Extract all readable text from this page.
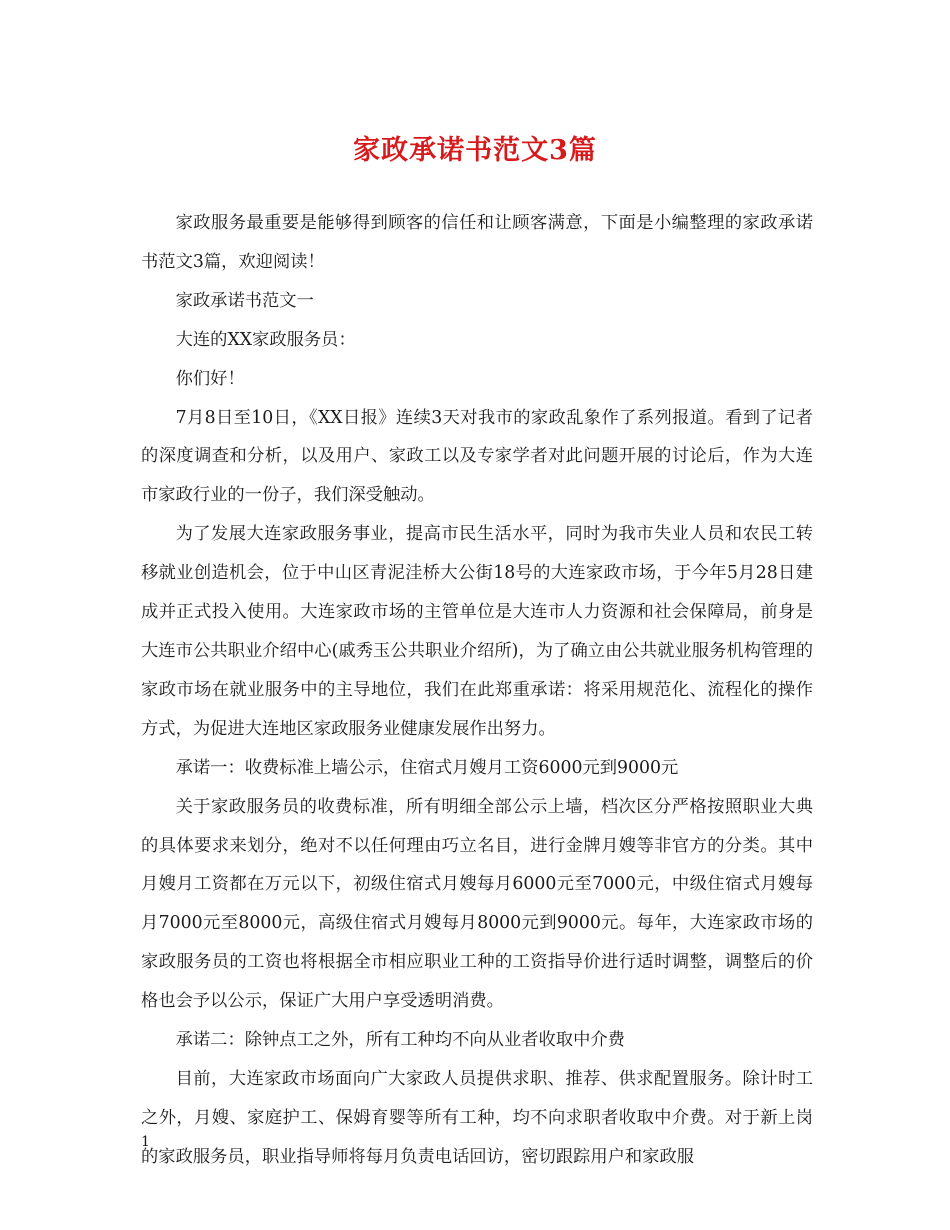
家政承诺书范文3篇

家政服务最重要是能够得到顾客的信任和让顾客满意，下面是小编整理的家政承诺书范文3篇，欢迎阅读！

家政承诺书范文一

大连的XX家政服务员：

你们好！

7月8日至10日，《XX日报》连续3天对我市的家政乱象作了系列报道。看到了记者的深度调查和分析，以及用户、家政工以及专家学者对此问题开展的讨论后，作为大连市家政行业的一份子，我们深受触动。

为了发展大连家政服务事业，提高市民生活水平，同时为我市失业人员和农民工转移就业创造机会，位于中山区青泥洼桥大公街18号的大连家政市场，于今年5月28日建成并正式投入使用。大连家政市场的主管单位是大连市人力资源和社会保障局，前身是大连市公共职业介绍中心(戚秀玉公共职业介绍所)，为了确立由公共就业服务机构管理的家政市场在就业服务中的主导地位，我们在此郑重承诺：将采用规范化、流程化的操作方式，为促进大连地区家政服务业健康发展作出努力。

承诺一：收费标准上墙公示，住宿式月嫂月工资6000元到9000元

关于家政服务员的收费标准，所有明细全部公示上墙，档次区分严格按照职业大典的具体要求来划分，绝对不以任何理由巧立名目，进行金牌月嫂等非官方的分类。其中月嫂月工资都在万元以下，初级住宿式月嫂每月6000元至7000元，中级住宿式月嫂每月7000元至8000元，高级住宿式月嫂每月8000元到9000元。每年，大连家政市场的家政服务员的工资也将根据全市相应职业工种的工资指导价进行适时调整，调整后的价格也会予以公示，保证广大用户享受透明消费。

承诺二：除钟点工之外，所有工种均不向从业者收取中介费

目前，大连家政市场面向广大家政人员提供求职、推荐、供求配置服务。除计时工之外，月嫂、家庭护工、保姆育婴等所有工种，均不向求职者收取中介费。对于新上岗的家政服务员，职业指导师将每月负责电话回访，密切跟踪用户和家政服

1
